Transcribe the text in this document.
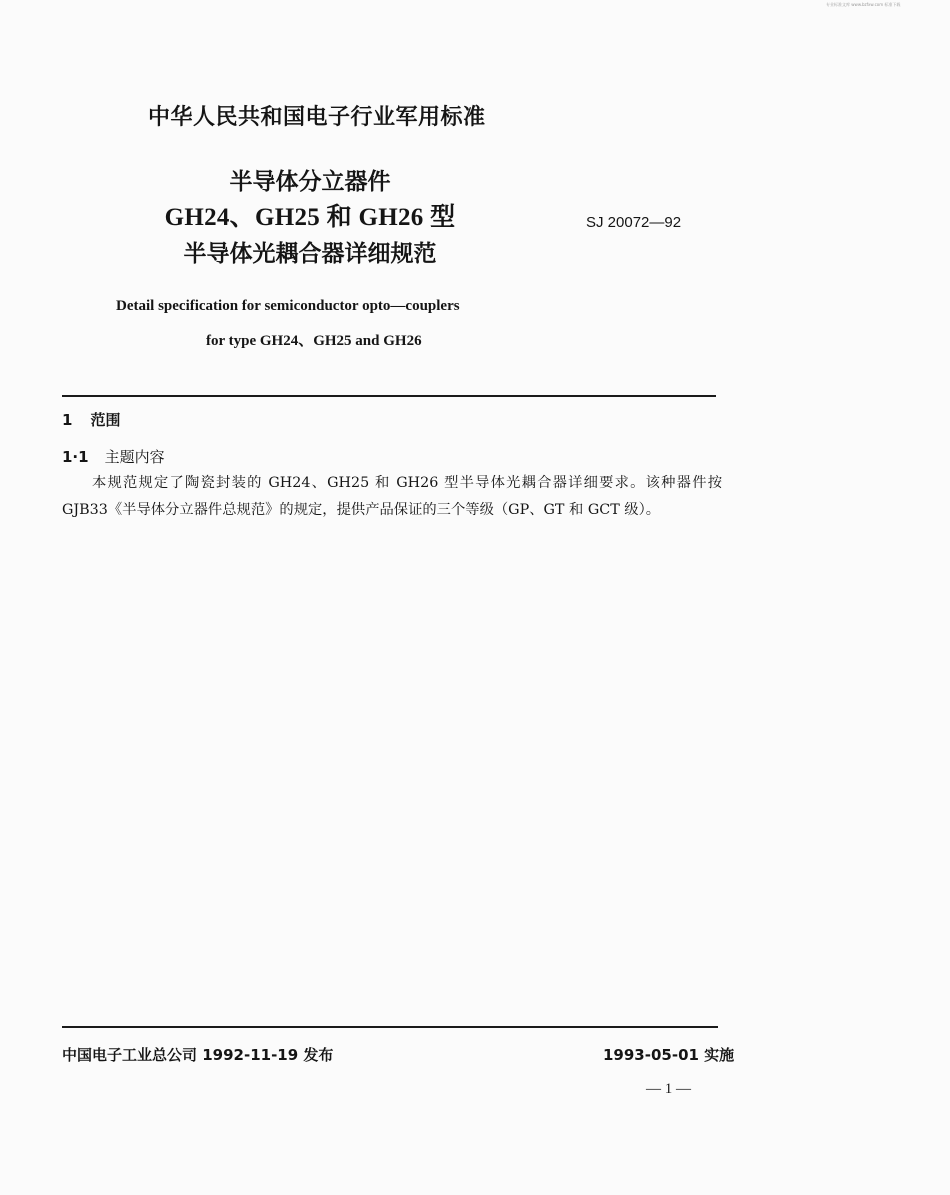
专业标准文库 www.bzfxw.com 标准下载
中华人民共和国电子行业军用标准
半导体分立器件
GH24、GH25 和 GH26 型
半导体光耦合器详细规范
SJ 20072—92
Detail specification for semiconductor opto—couplers
for type GH24、GH25 and GH26
1 范围
1·1 主题内容
本规范规定了陶瓷封装的 GH24、GH25 和 GH26 型半导体光耦合器详细要求。该种器件按 GJB33《半导体分立器件总规范》的规定，提供产品保证的三个等级（GP、GT 和 GCT 级）。
中国电子工业总公司 1992-11-19 发布	1993-05-01 实施
— 1 —
